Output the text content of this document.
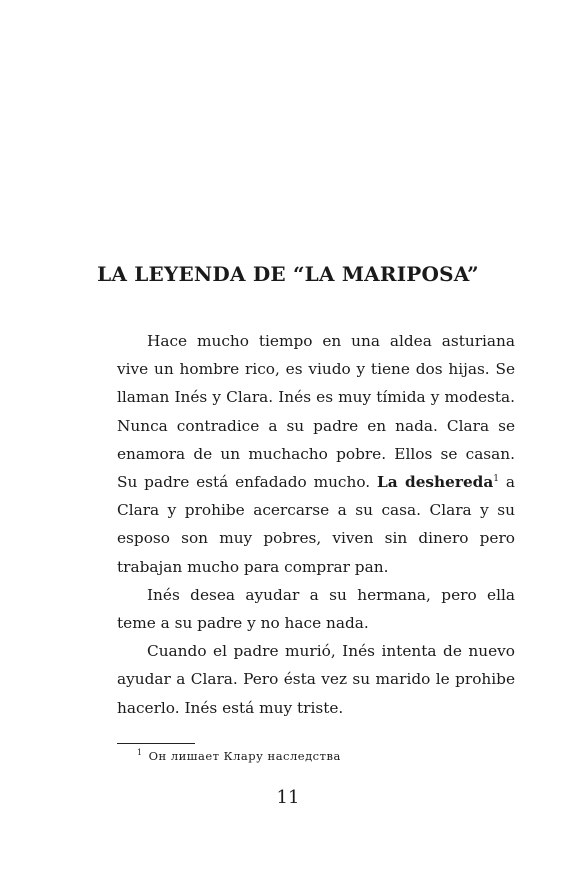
LA LEYENDA DE “LA MARIPOSA”

Hace mucho tiempo en una aldea asturiana vive un hombre rico, es viudo y tiene dos hijas. Se llaman Inés y Clara. Inés es muy tímida y modesta. Nunca contradice a su padre en nada. Clara se enamora de un muchacho pobre. Ellos se casan. Su padre está enfadado mucho. La deshereda$^1$ a Clara y prohibe acercarse a su casa. Clara y su esposo son muy pobres, viven sin dinero pero trabajan mucho para comprar pan.

Inés desea ayudar a su hermana, pero ella teme a su padre y no hace nada.

Cuando el padre murió, Inés intenta de nuevo ayudar a Clara. Pero ésta vez su marido le prohibe hacerlo. Inés está muy triste.

$^1$ Он лишает Клару наследства
11
